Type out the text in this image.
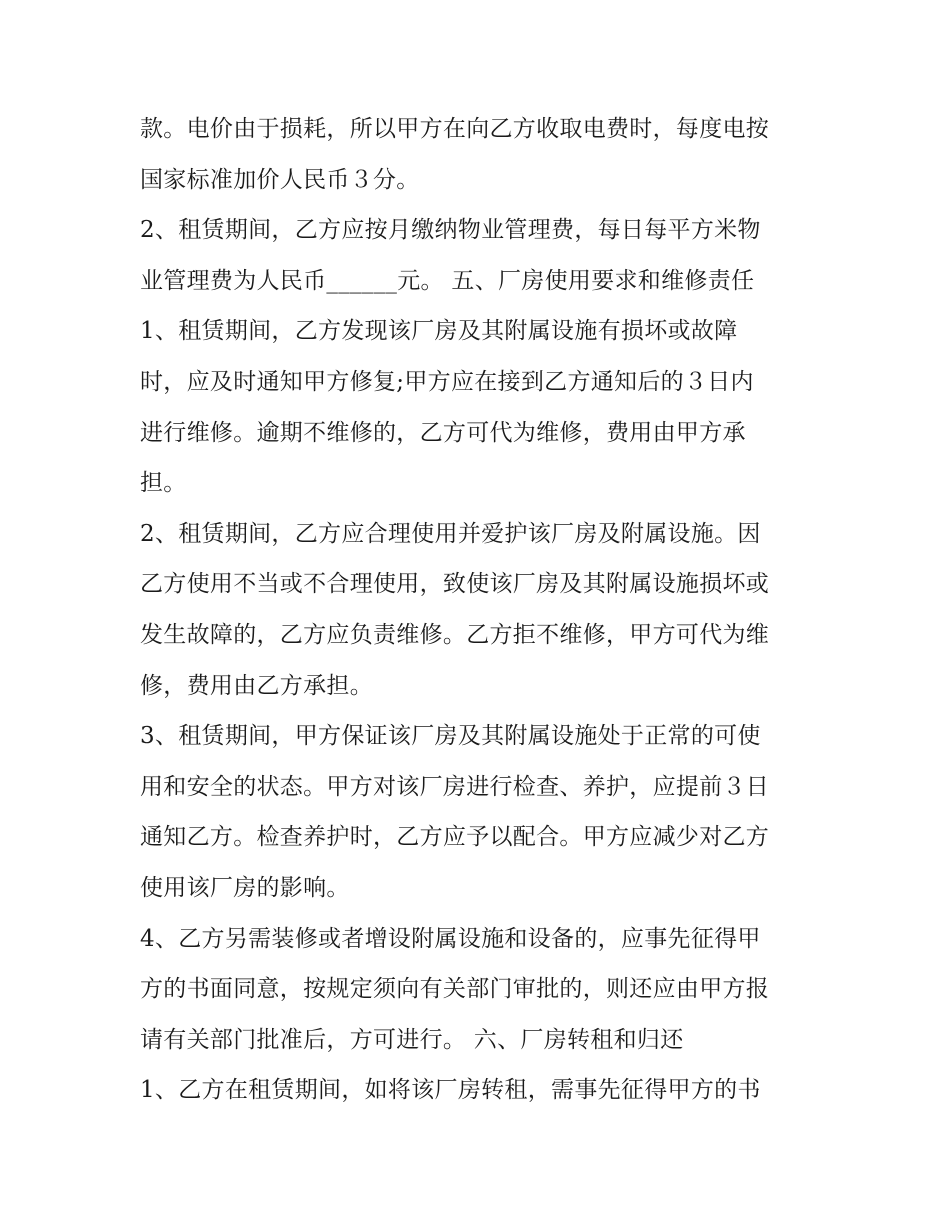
款。电价由于损耗，所以甲方在向乙方收取电费时，每度电按
国家标准加价人民币３分。
2、租赁期间，乙方应按月缴纳物业管理费，每日每平方米物
业管理费为人民币______元。 五、厂房使用要求和维修责任
1、租赁期间，乙方发现该厂房及其附属设施有损坏或故障
时，应及时通知甲方修复;甲方应在接到乙方通知后的３日内
进行维修。逾期不维修的，乙方可代为维修，费用由甲方承
担。
2、租赁期间，乙方应合理使用并爱护该厂房及附属设施。因
乙方使用不当或不合理使用，致使该厂房及其附属设施损坏或
发生故障的，乙方应负责维修。乙方拒不维修，甲方可代为维
修，费用由乙方承担。
3、租赁期间，甲方保证该厂房及其附属设施处于正常的可使
用和安全的状态。甲方对该厂房进行检查、养护，应提前３日
通知乙方。检查养护时，乙方应予以配合。甲方应减少对乙方
使用该厂房的影响。
4、乙方另需装修或者增设附属设施和设备的，应事先征得甲
方的书面同意，按规定须向有关部门审批的，则还应由甲方报
请有关部门批准后，方可进行。 六、厂房转租和归还
1、乙方在租赁期间，如将该厂房转租，需事先征得甲方的书
